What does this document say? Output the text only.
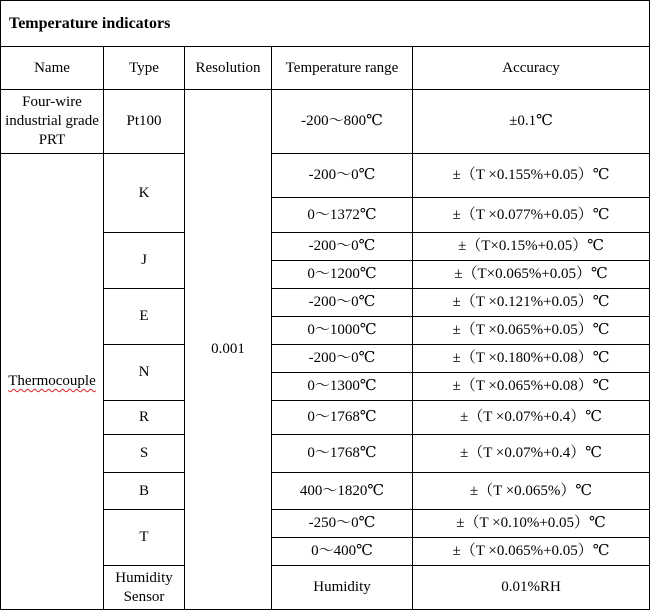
Temperature indicators					
Name	Type	Resolution	Temperature range	Accuracy	
Four-wire industrial grade PRT	Pt100	0.001	-200～800℃	±0.1℃	
Thermocouple	K		-200～0℃	±（T ×0.155%+0.05）℃	
			0～1372℃	±（T ×0.077%+0.05）℃	
	J		-200～0℃	±（T×0.15%+0.05）℃	
			0～1200℃	±（T×0.065%+0.05）℃	
	E		-200～0℃	±（T ×0.121%+0.05）℃	
			0～1000℃	±（T ×0.065%+0.05）℃	
	N		-200～0℃	±（T ×0.180%+0.08）℃	
			0～1300℃	±（T ×0.065%+0.08）℃	
	R		0～1768℃	±（T ×0.07%+0.4）℃	
	S		0～1768℃	±（T ×0.07%+0.4）℃	
	B		400～1820℃	±（T ×0.065%）℃	
	T		-250～0℃	±（T ×0.10%+0.05）℃	
			0～400℃	±（T ×0.065%+0.05）℃	
	Humidity Sensor		Humidity	0.01%RH		
